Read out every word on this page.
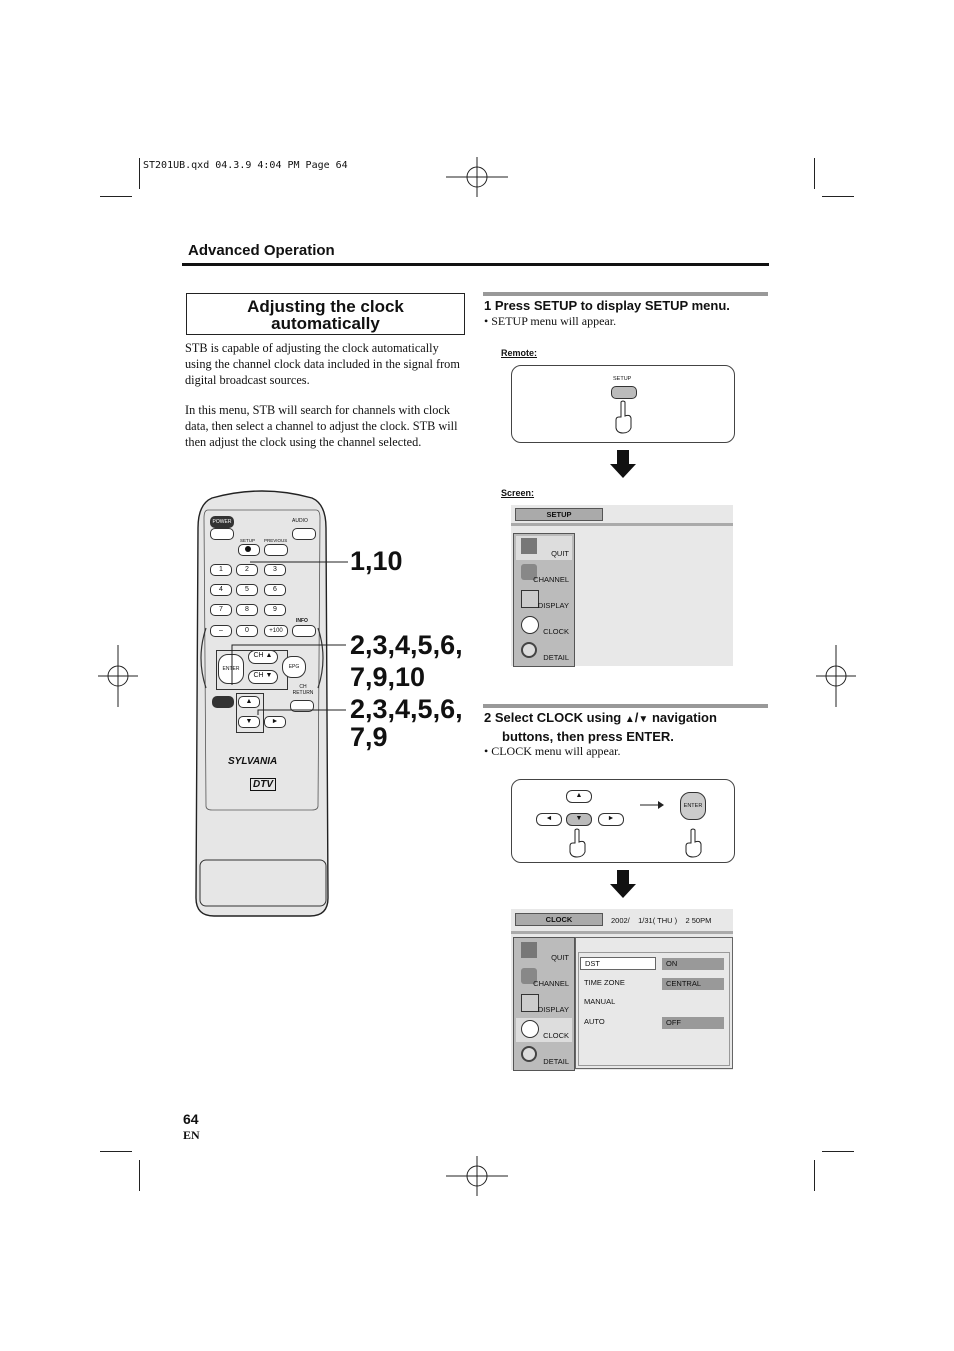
ST201UB.qxd 04.3.9 4:04 PM Page 64
Advanced Operation
Adjusting the clock
automatically
STB is capable of adjusting the clock automatically using the channel clock data included in the signal from digital broadcast sources.
In this menu, STB will search for channels with clock data, then select a channel to adjust the clock. STB will then adjust the clock using the channel selected.
POWER	AUDIO
SETUP PREVIOUS
1	2	3
4	5	6
7	8	9
INFO
–	0	+100
ENTER
CH ▲
CH ▼
EPG
CH
RETURN
▲
▼	►
SYLVANIA
DTV
1,10
2,3,4,5,6,
7,9,10
2,3,4,5,6,
7,9
1 Press SETUP to display SETUP menu.
• SETUP menu will appear.
Remote:
SETUP
Screen:
SETUP
QUIT
CHANNEL
DISPLAY
CLOCK
DETAIL
2 Select CLOCK using ▲/▼ navigation
buttons, then press ENTER.
• CLOCK menu will appear.
▲
◄	▼	►
ENTER
CLOCK	2002/    1/31( THU )    2 50PM
QUIT
CHANNEL
DISPLAY
CLOCK
DETAIL
DST	ON
TIME ZONE	CENTRAL
MANUAL
AUTO	OFF
64
EN
